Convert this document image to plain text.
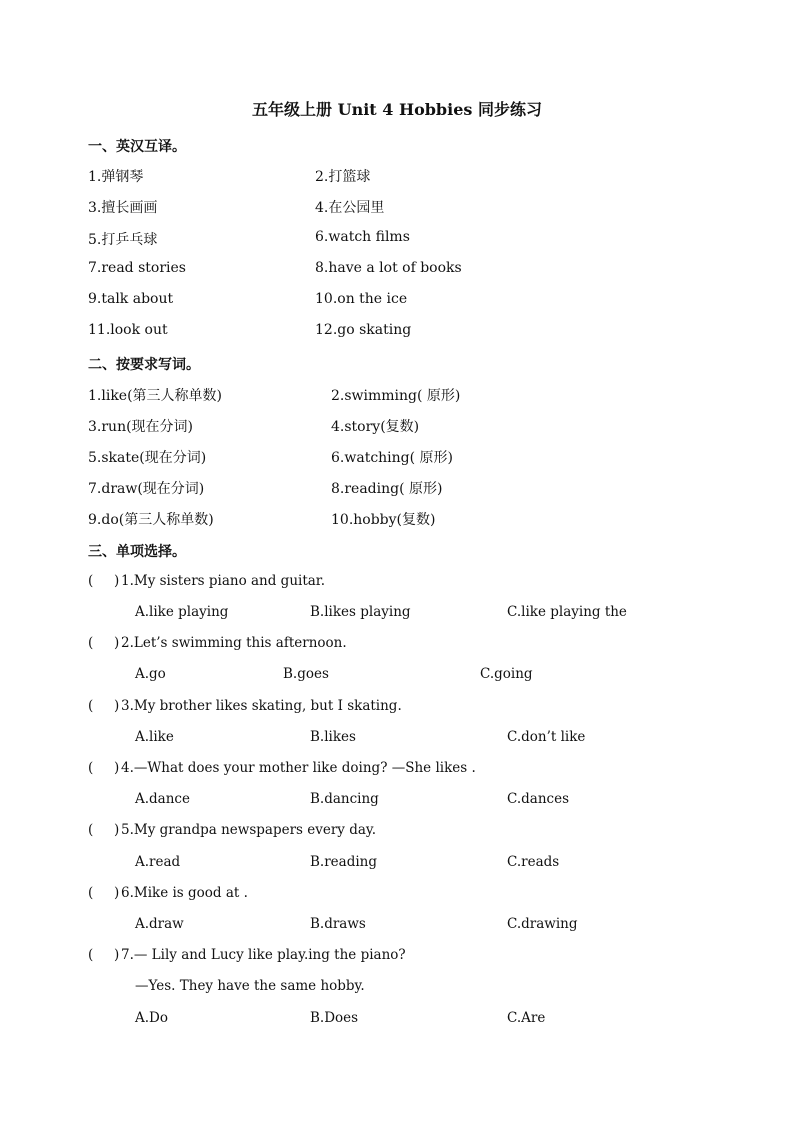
五年级上册 Unit 4 Hobbies 同步练习
一、英汉互译。
1.弹钢琴	2.打篮球
3.擅长画画	4.在公园里
5.打乒乓球	6.watch films
7.read stories	8.have a lot of books
9.talk about	10.on the ice
11.look out	12.go skating
二、按要求写词。
1.like(第三人称单数)	2.swimming( 原形)
3.run(现在分词)	4.story(复数)
5.skate(现在分词)	6.watching( 原形)
7.draw(现在分词)	8.reading( 原形)
9.do(第三人称单数)	10.hobby(复数)
三、单项选择。
( ) 1.My sisters piano and guitar.
A.like playing	B.likes playing	C.like playing the
( ) 2.Let’s swimming this afternoon.
A.go	B.goes	C.going
( ) 3.My brother likes skating, but I skating.
A.like	B.likes	C.don’t like
( ) 4.—What does your mother like doing? —She likes .
A.dance	B.dancing	C.dances
( ) 5.My grandpa newspapers every day.
A.read	B.reading	C.reads
( ) 6.Mike is good at .
A.draw	B.draws	C.drawing
( ) 7.— Lily and Lucy like play.ing the piano?
—Yes. They have the same hobby.
A.Do	B.Does	C.Are
